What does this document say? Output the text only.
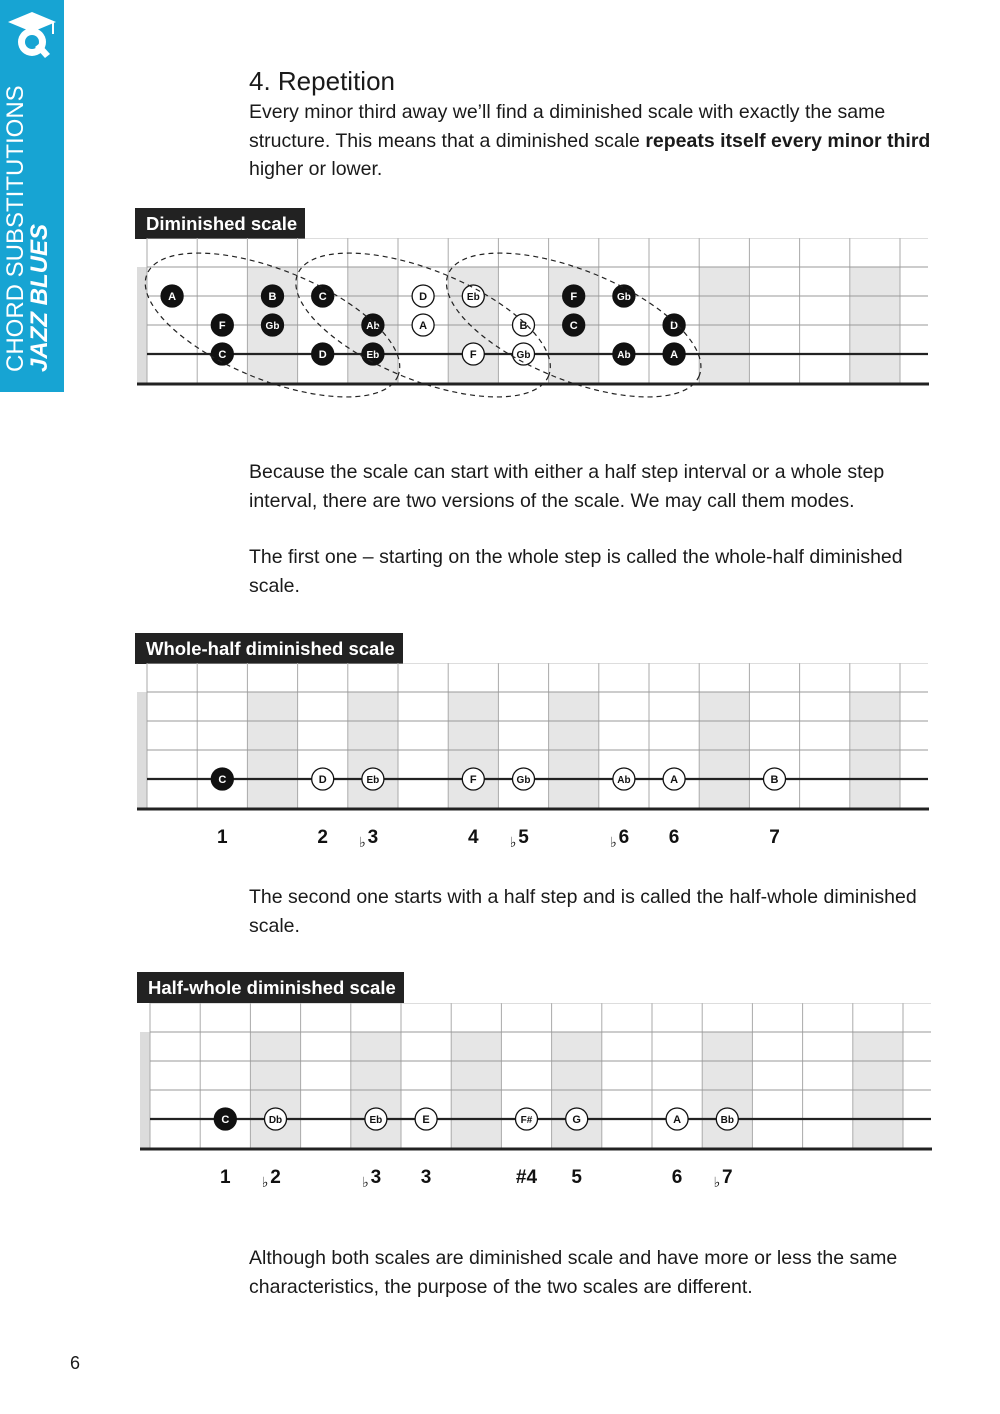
CHORD SUBSTITUTIONS
JAZZ BLUES
4. Repetition

Every minor third away we’ll find a diminished scale with exactly the same structure. This means that a diminished scale repeats itself every minor third higher or lower.

Diminished scale
A
F
C
B
Gb
C
D
Ab
Eb
D
A
Eb
F
B
Gb
F
C
Gb
Ab
D
A

Because the scale can start with either a half step interval or a whole step interval, there are two versions of the scale. We may call them modes.

The first one – starting on the whole step is called the whole-half diminished scale.

Whole-half diminished scale
C	D	Eb	F	Gb	Ab	A	B
1	2 ♭ 3	4 ♭ 5	♭ 6 6	7

The second one starts with a half step and is called the half-whole diminished scale.

Half-whole diminished scale
C	Db	Eb	E	F#	G	A	Bb
1 ♭ 2	♭ 3 3	#4 5	6 ♭ 7

Although both scales are diminished scale and have more or less the same characteristics, the purpose of the two scales are different.

6
